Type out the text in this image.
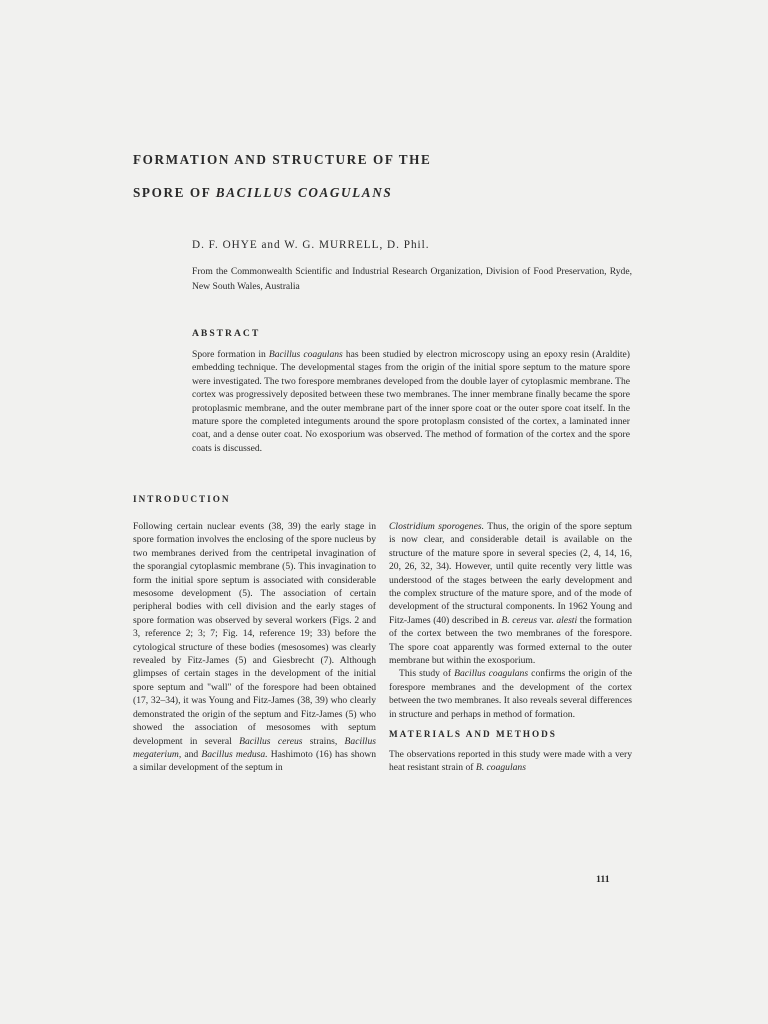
FORMATION AND STRUCTURE OF THE
SPORE OF BACILLUS COAGULANS
D. F. OHYE and W. G. MURRELL, D. Phil.
From the Commonwealth Scientific and Industrial Research Organization, Division of Food Preservation, Ryde, New South Wales, Australia
ABSTRACT
Spore formation in Bacillus coagulans has been studied by electron microscopy using an epoxy resin (Araldite) embedding technique. The developmental stages from the origin of the initial spore septum to the mature spore were investigated. The two forespore membranes developed from the double layer of cytoplasmic membrane. The cortex was progressively deposited between these two membranes. The inner membrane finally became the spore protoplasmic membrane, and the outer membrane part of the inner spore coat or the outer spore coat itself. In the mature spore the completed integuments around the spore protoplasm consisted of the cortex, a laminated inner coat, and a dense outer coat. No exosporium was observed. The method of formation of the cortex and the spore coats is discussed.
INTRODUCTION

Following certain nuclear events (38, 39) the early stage in spore formation involves the enclosing of the spore nucleus by two membranes derived from the centripetal invagination of the sporangial cytoplasmic membrane (5). This invagination to form the initial spore septum is associated with considerable mesosome development (5). The association of certain peripheral bodies with cell division and the early stages of spore formation was observed by several workers (Figs. 2 and 3, reference 2; 3; 7; Fig. 14, reference 19; 33) before the cytological structure of these bodies (mesosomes) was clearly revealed by Fitz-James (5) and Giesbrecht (7). Although glimpses of certain stages in the development of the initial spore septum and "wall" of the forespore had been obtained (17, 32–34), it was Young and Fitz-James (38, 39) who clearly demonstrated the origin of the septum and Fitz-James (5) who showed the association of mesosomes with septum development in several Bacillus cereus strains, Bacillus megaterium, and Bacillus medusa. Hashimoto (16) has shown a similar development of the septum in

Clostridium sporogenes. Thus, the origin of the spore septum is now clear, and considerable detail is available on the structure of the mature spore in several species (2, 4, 14, 16, 20, 26, 32, 34). However, until quite recently very little was understood of the stages between the early development and the complex structure of the mature spore, and of the mode of development of the structural components. In 1962 Young and Fitz-James (40) described in B. cereus var. alesti the formation of the cortex between the two membranes of the forespore. The spore coat apparently was formed external to the outer membrane but within the exosporium.

This study of Bacillus coagulans confirms the origin of the forespore membranes and the development of the cortex between the two membranes. It also reveals several differences in structure and perhaps in method of formation.

MATERIALS AND METHODS

The observations reported in this study were made with a very heat resistant strain of B. coagulans

111
